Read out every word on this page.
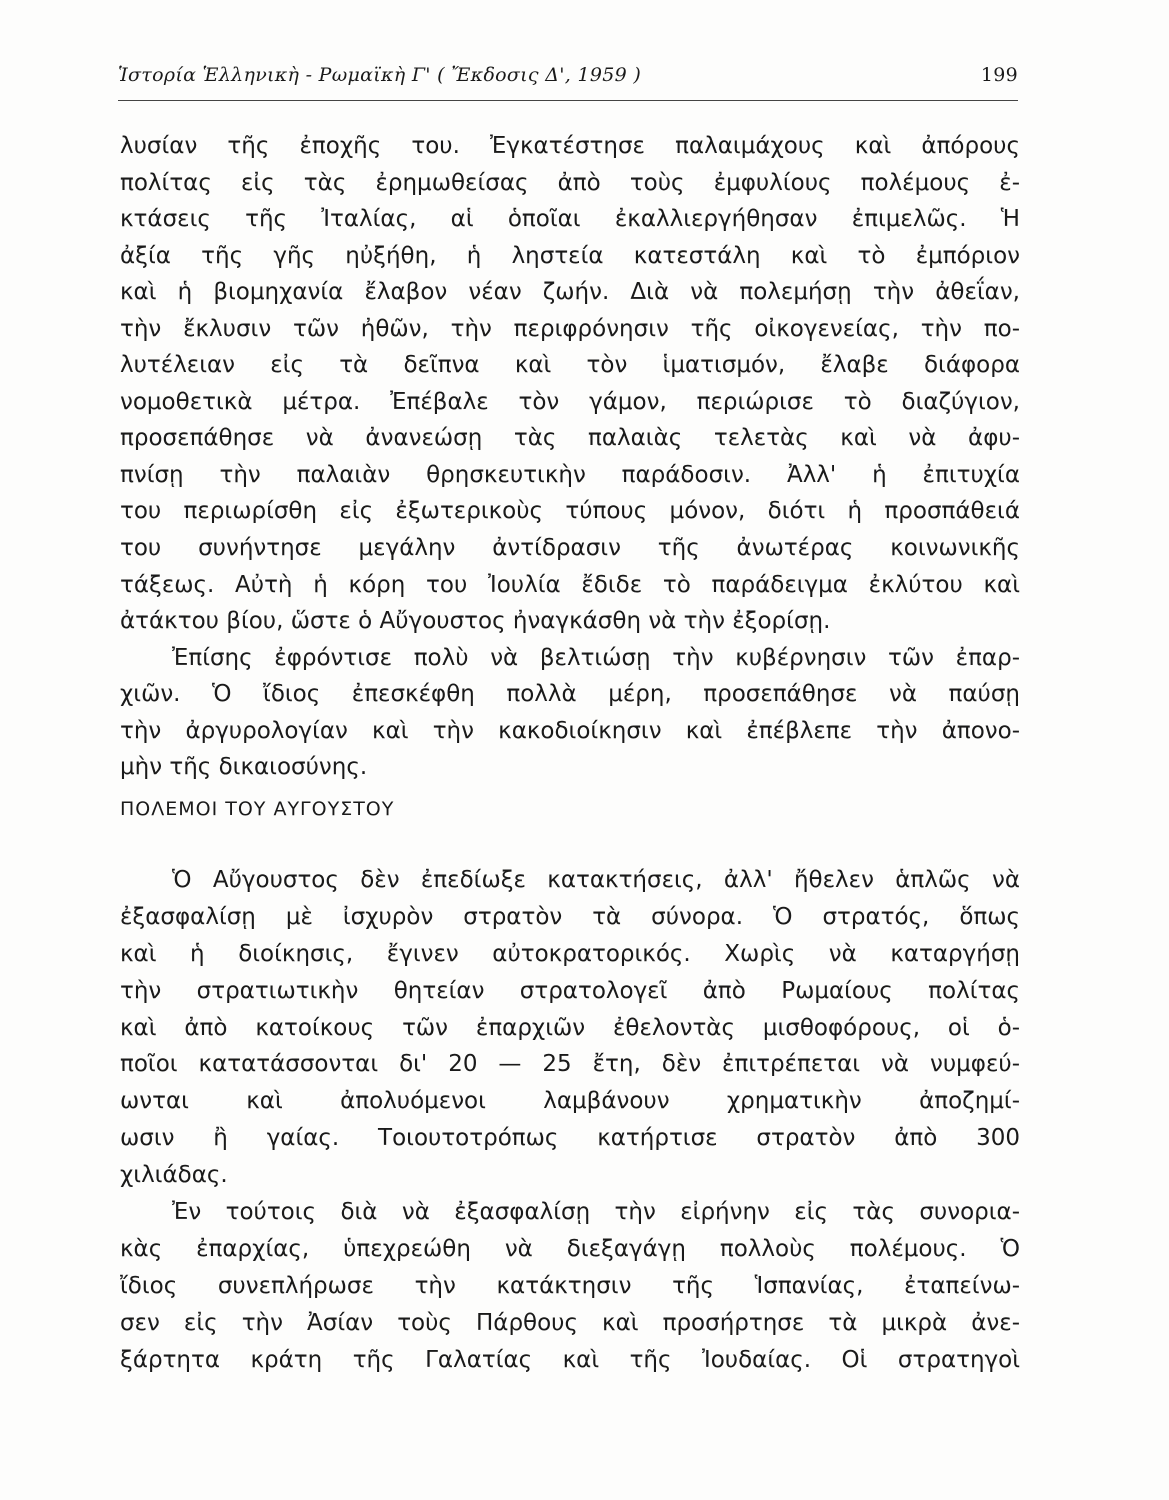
Ἱστορία Ἑλληνικὴ - Ρωμαϊκὴ Γ' ( Ἔκδοσις Δ', 1959 )	199
λυσίαν τῆς ἐποχῆς του. Ἐγκατέστησε παλαιμάχους καὶ ἀπόρους
πολίτας εἰς τὰς ἐρημωθείσας ἀπὸ τοὺς ἐμφυλίους πολέμους ἐ-
κτάσεις τῆς Ἰταλίας, αἱ ὁποῖαι ἐκαλλιεργήθησαν ἐπιμελῶς. Ἡ
ἀξία τῆς γῆς ηὐξήθη, ἡ ληστεία κατεστάλη καὶ τὸ ἐμπόριον
καὶ ἡ βιομηχανία ἔλαβον νέαν ζωήν. Διὰ νὰ πολεμήσῃ τὴν ἀθεΐαν,
τὴν ἔκλυσιν τῶν ἠθῶν, τὴν περιφρόνησιν τῆς οἰκογενείας, τὴν πο-
λυτέλειαν εἰς τὰ δεῖπνα καὶ τὸν ἱματισμόν, ἔλαβε διάφορα
νομοθετικὰ μέτρα. Ἐπέβαλε τὸν γάμον, περιώρισε τὸ διαζύγιον,
προσεπάθησε νὰ ἀνανεώσῃ τὰς παλαιὰς τελετὰς καὶ νὰ ἀφυ-
πνίσῃ τὴν παλαιὰν θρησκευτικὴν παράδοσιν. Ἀλλ' ἡ ἐπιτυχία
του περιωρίσθη εἰς ἐξωτερικοὺς τύπους μόνον, διότι ἡ προσπάθειά
του συνήντησε μεγάλην ἀντίδρασιν τῆς ἀνωτέρας κοινωνικῆς
τάξεως. Αὐτὴ ἡ κόρη του Ἰουλία ἔδιδε τὸ παράδειγμα ἐκλύτου καὶ
ἀτάκτου βίου, ὥστε ὁ Αὔγουστος ἠναγκάσθη νὰ τὴν ἐξορίσῃ.
Ἐπίσης ἐφρόντισε πολὺ νὰ βελτιώσῃ τὴν κυβέρνησιν τῶν ἐπαρ-
χιῶν. Ὁ ἴδιος ἐπεσκέφθη πολλὰ μέρη, προσεπάθησε νὰ παύσῃ
τὴν ἀργυρολογίαν καὶ τὴν κακοδιοίκησιν καὶ ἐπέβλεπε τὴν ἀπονο-
μὴν τῆς δικαιοσύνης.
ΠΟΛΕΜΟΙ ΤΟΥ ΑΥΓΟΥΣΤΟΥ
Ὁ Αὔγουστος δὲν ἐπεδίωξε κατακτήσεις, ἀλλ' ἤθελεν ἁπλῶς νὰ
ἐξασφαλίσῃ μὲ ἰσχυρὸν στρατὸν τὰ σύνορα. Ὁ στρατός, ὅπως
καὶ ἡ διοίκησις, ἔγινεν αὐτοκρατορικός. Χωρὶς νὰ καταργήσῃ
τὴν στρατιωτικὴν θητείαν στρατολογεῖ ἀπὸ Ρωμαίους πολίτας
καὶ ἀπὸ κατοίκους τῶν ἐπαρχιῶν ἐθελοντὰς μισθοφόρους, οἱ ὁ-
ποῖοι κατατάσσονται δι' 20 — 25 ἔτη, δὲν ἐπιτρέπεται νὰ νυμφεύ-
ωνται καὶ ἀπολυόμενοι λαμβάνουν χρηματικὴν ἀποζημί-
ωσιν ἢ γαίας. Τοιουτοτρόπως κατήρτισε στρατὸν ἀπὸ 300
χιλιάδας.
Ἐν τούτοις διὰ νὰ ἐξασφαλίσῃ τὴν εἰρήνην εἰς τὰς συνορια-
κὰς ἐπαρχίας, ὑπεχρεώθη νὰ διεξαγάγῃ πολλοὺς πολέμους. Ὁ
ἴδιος συνεπλήρωσε τὴν κατάκτησιν τῆς Ἱσπανίας, ἐταπείνω-
σεν εἰς τὴν Ἀσίαν τοὺς Πάρθους καὶ προσήρτησε τὰ μικρὰ ἀνε-
ξάρτητα κράτη τῆς Γαλατίας καὶ τῆς Ἰουδαίας. Οἱ στρατηγοὶ
